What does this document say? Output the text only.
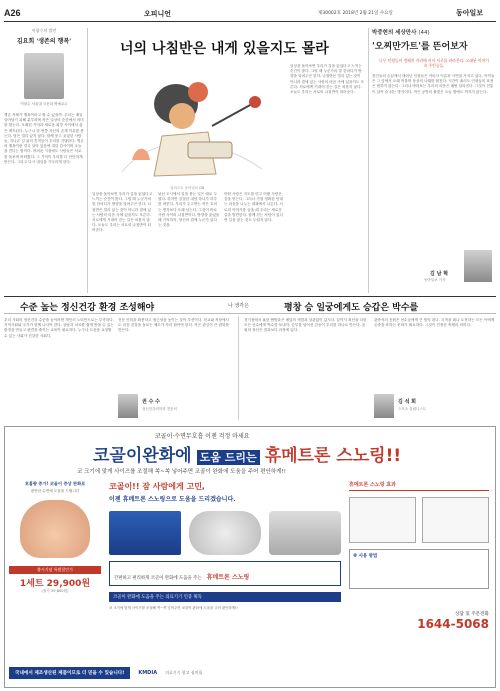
A26	오피니언	제30002호 2018년 2월 21일 수요일	동아일보
이광수의 발견
김요희 '생존의 행복'
이광수 서울대 국문과 명예교수
생존 자체가 행복이라고 할 수 있을까. 우리는 매일 살아남기 위해 분투하며 작은 일상의 순간에서 의미를 찾는다. 오래된 기억과 새로운 희망 사이에서 삶은 계속된다. 누구나 한 번쯤 자신의 존재 이유를 묻는다. 답은 멀리 있지 않다. 함께 웃고 울었던 사람들, 지나온 길 위의 흔적들이 우리를 지탱한다. 생존의 행복이란 결국 살아 있음에 대한 감사이며 오늘을 견디는 힘이다. 어려운 시절에도 사람들은 서로를 돌보며 버텨왔다. 그 기억이 우리를 더 단단하게 만든다. 그리고 다시 내일을 기다리게 한다.
너의 나침반은 내게 있을지도 몰라
일러스트 동아일보 DB
일상을 돌아보면 우리가 길을 잃었다고 느끼는 순간이 많다. 그럴 때 누군가의 말 한마디가 방향을 알려주곤 한다. 나침반은 멀리 있는 것이 아니라 곁에 있는 사람의 마음 속에 있을지도 모른다. 서로에게 기대어 걷는 길은 외롭지 않다. 오늘도 우리는 서로의 나침반이 되어준다.
낯선 도시에서 길을 묻는 일은 때로 두렵다. 하지만 친절한 대답 하나가 하루를 바꾼다. 우리가 주고받는 작은 호의는 생각보다 오래 남는다. 그것이 바로 사람 사이의 나침반이다. 방향을 잃었을 때 기억하자, 당신의 곁에 누군가 있다는 것을.
어떤 사람은 지도를 믿고 어떤 사람은 감을 믿는다. 그러나 가장 정확한 안내는 마음을 나누는 대화에서 나온다. 서로의 이야기를 들을 때 우리는 새로운 길을 발견한다. 함께 걷는 사람이 있다면 길을 잃는 것도 두렵지 않다.
일상을 돌아보면 우리가 길을 잃었다고 느끼는 순간이 많다. 그럴 때 누군가의 말 한마디가 방향을 알려주곤 한다. 나침반은 멀리 있는 것이 아니라 곁에 있는 사람의 마음 속에 있을지도 모른다. 서로에게 기대어 걷는 길은 외롭지 않다. 오늘도 우리는 서로의 나침반이 되어준다.
박중현의 세상만사 (44)
'오찌만가트'를 뜬어보자
나무 인형들이 정해진 자리에 서서 서로를 바라본다. 오래된 이야기 속 주인공들.
장인들의 손끝에서 태어난 인형들은 저마다 이름과 사연을 가지고 있다. 아이들은 그 앞에서 오래 머물며 상상의 나래를 펼친다. 시간이 흘러도 인형들의 표정은 변하지 않는다. 그러나 바라보는 우리의 마음은 매번 달라진다. 그것이 전통이 살아 숨 쉬는 방식이다. 작은 공방의 불빛은 오늘 밤에도 꺼지지 않는다.
김 남 혁
동아일보 기자
수준 높는 정신건강 환경 조성해야	나 생각은	평창 승 일궁에게도 승갑은 박수를
우리 사회의 정신건강 수준을 높이려면 개인의 노력만으로는 부족하다. 지역사회와 국가가 함께 나서야 한다. 상담과 치료를 쉽게 받을 수 있는 환경을 만들고 편견을 줄이는 교육이 필요하다. 누구나 도움을 요청할 수 있는 사회가 건강한 사회다.
전문 인력을 확충하고 접근성을 높이는 것이 우선이다. 학교와 직장에서도 마음 건강을 돌보는 제도가 자리 잡아야 한다. 작은 관심이 큰 변화를 만든다.
권 수 수
정신건강의학과 전문의
경기장에서 흘린 땀방울은 메달의 색깔과 상관없이 값지다. 끝까지 최선을 다한 모든 선수에게 박수를 보내자. 승부를 넘어선 감동이 우리를 하나로 만든다. 올림픽 정신은 결과보다 과정에 있다.
관중석의 응원은 선수들에게 큰 힘이 된다. 국적을 떠나 도전하는 모든 이에게 존중을 표하는 문화가 필요하다. 그것이 진정한 축제의 의미다.
김 석 희
스포츠 칼럼니스트
코골이·수면무호흡 이젠 걱정 마세요
코골이완화에 도움 드리는 휴메트론 스노링!!
코 크기에 맞게 사이즈를 조절해 쏙~쏙 넣어주면 코골이 완화에 도움을 주어 편안하게!!
호흡량 증가! 코골이 증상 완화로
편안한 수면에 도움을 드립니다
출시기념 특별할인가
1세트 29,900원
(정가 59,800원)
코골이!! 잠 사람에게 고민,
이젠 휴메트론 스노링으로 도움을 드리겠습니다.
간편하고 편리하게 코골이 완화에 도움을 주는 휴메트론 스노링
코골이 완화에 도움을 주는 의료기기 인증 획득
코 크기에 맞게 사이즈를 조절해 쏙~쏙 넣어주면 코골이 완화에 도움을 주어 편안하게!!
휴메트론 스노링 효과
※ 사용 방법
상담 및 주문전화
1644-5068
국내에서 제조생산된 제품이므로 더 믿을 수 있습니다!	KMDIA 의료기기 광고 심의필
